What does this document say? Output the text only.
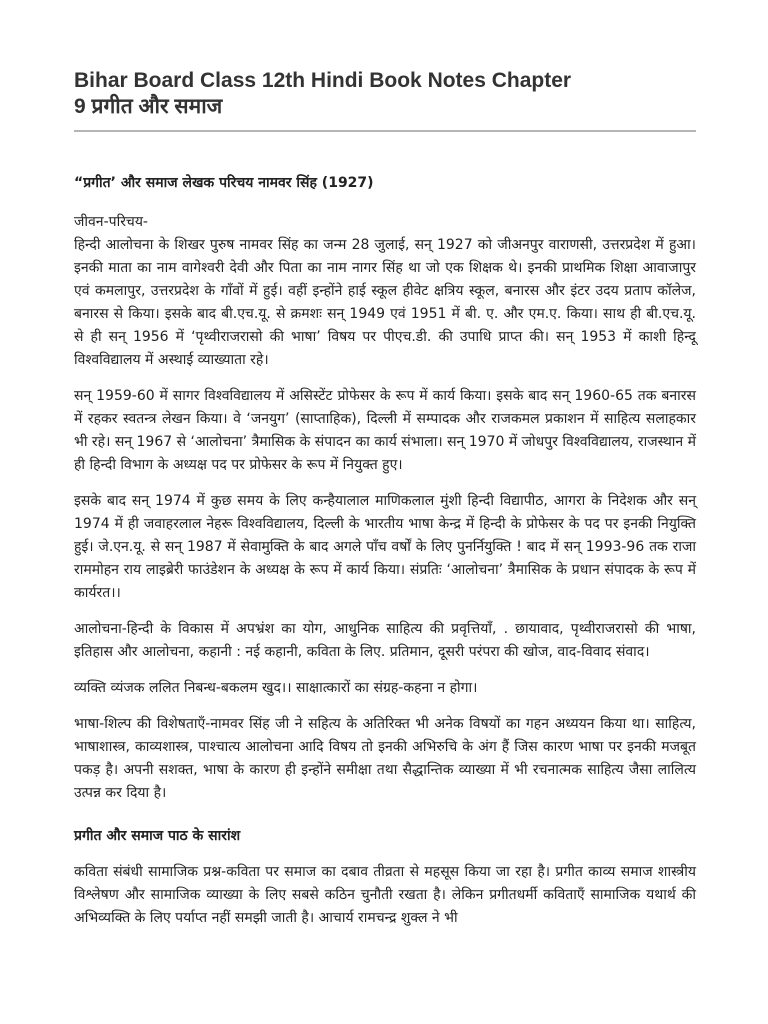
Bihar Board Class 12th Hindi Book Notes Chapter
9 प्रगीत और समाज
“प्रगीत’ और समाज लेखक परिचय नामवर सिंह (1927)

जीवन-परिचय-

हिन्दी आलोचना के शिखर पुरुष नामवर सिंह का जन्म 28 जुलाई, सन् 1927 को जीअनपुर वाराणसी, उत्तरप्रदेश में हुआ। इनकी माता का नाम वागेश्वरी देवी और पिता का नाम नागर सिंह था जो एक शिक्षक थे। इनकी प्राथमिक शिक्षा आवाजापुर एवं कमलापुर, उत्तरप्रदेश के गाँवों में हुई। वहीं इन्होंने हाई स्कूल हीवेट क्षत्रिय स्कूल, बनारस और इंटर उदय प्रताप कॉलेज, बनारस से किया। इसके बाद बी.एच.यू. से क्रमशः सन् 1949 एवं 1951 में बी. ए. और एम.ए. किया। साथ ही बी.एच.यू. से ही सन् 1956 में ‘पृथ्वीराजरासो की भाषा’ विषय पर पीएच.डी. की उपाधि प्राप्त की। सन् 1953 में काशी हिन्दू विश्वविद्यालय में अस्थाई व्याख्याता रहे।

सन् 1959-60 में सागर विश्वविद्यालय में असिस्टेंट प्रोफेसर के रूप में कार्य किया। इसके बाद सन् 1960-65 तक बनारस में रहकर स्वतन्त्र लेखन किया। वे ‘जनयुग’ (साप्ताहिक), दिल्ली में सम्पादक और राजकमल प्रकाशन में साहित्य सलाहकार भी रहे। सन् 1967 से ‘आलोचना’ त्रैमासिक के संपादन का कार्य संभाला। सन् 1970 में जोधपुर विश्वविद्यालय, राजस्थान में ही हिन्दी विभाग के अध्यक्ष पद पर प्रोफेसर के रूप में नियुक्त हुए।

इसके बाद सन् 1974 में कुछ समय के लिए कन्हैयालाल माणिकलाल मुंशी हिन्दी विद्यापीठ, आगरा के निदेशक और सन् 1974 में ही जवाहरलाल नेहरू विश्वविद्यालय, दिल्ली के भारतीय भाषा केन्द्र में हिन्दी के प्रोफेसर के पद पर इनकी नियुक्ति हुई। जे.एन.यू. से सन् 1987 में सेवामुक्ति के बाद अगले पाँच वर्षों के लिए पुनर्नियुक्ति ! बाद में सन् 1993-96 तक राजा राममोहन राय लाइब्रेरी फाउंडेशन के अध्यक्ष के रूप में कार्य किया। संप्रतिः ‘आलोचना’ त्रैमासिक के प्रधान संपादक के रूप में कार्यरत।।

आलोचना-हिन्दी के विकास में अपभ्रंश का योग, आधुनिक साहित्य की प्रवृत्तियाँ, . छायावाद, पृथ्वीराजरासो की भाषा, इतिहास और आलोचना, कहानी : नई कहानी, कविता के लिए. प्रतिमान, दूसरी परंपरा की खोज, वाद-विवाद संवाद।

व्यक्ति व्यंजक ललित निबन्ध-बकलम खुद।। साक्षात्कारों का संग्रह-कहना न होगा।

भाषा-शिल्प की विशेषताएँ-नामवर सिंह जी ने सहित्य के अतिरिक्त भी अनेक विषयों का गहन अध्ययन किया था। साहित्य, भाषाशास्त्र, काव्यशास्त्र, पाश्चात्य आलोचना आदि विषय तो इनकी अभिरुचि के अंग हैं जिस कारण भाषा पर इनकी मजबूत पकड़ है। अपनी सशक्त, भाषा के कारण ही इन्होंने समीक्षा तथा सैद्धान्तिक व्याख्या में भी रचनात्मक साहित्य जैसा लालित्य उत्पन्न कर दिया है।

प्रगीत और समाज पाठ के सारांश

कविता संबंधी सामाजिक प्रश्न-कविता पर समाज का दबाव तीव्रता से महसूस किया जा रहा है। प्रगीत काव्य समाज शास्त्रीय विश्लेषण और सामाजिक व्याख्या के लिए सबसे कठिन चुनौती रखता है। लेकिन प्रगीतधर्मी कविताएँ सामाजिक यथार्थ की अभिव्यक्ति के लिए पर्याप्त नहीं समझी जाती है। आचार्य रामचन्द्र शुक्ल ने भी
